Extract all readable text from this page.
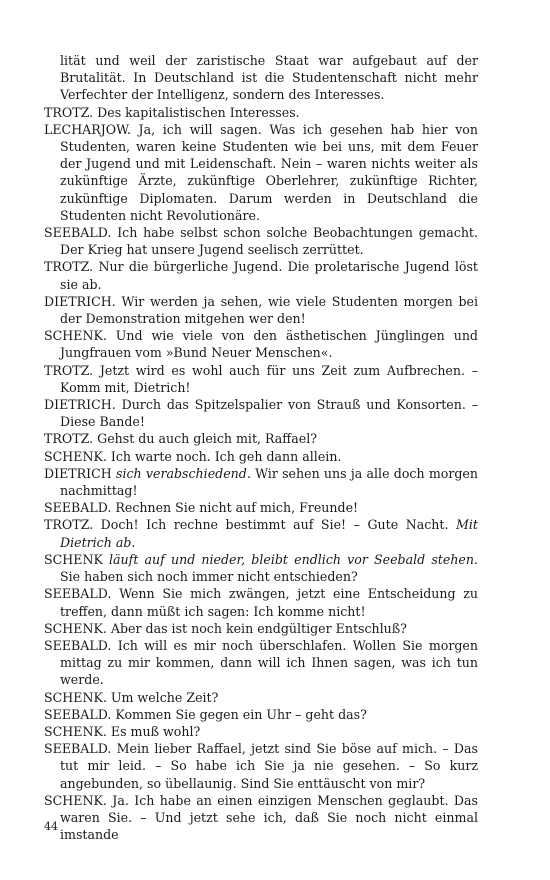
lität und weil der zaristische Staat war aufgebaut auf der Brutalität. In Deutschland ist die Studentenschaft nicht mehr Verfechter der Intelligenz, sondern des Interesses.

TROTZ. Des kapitalistischen Interesses.

LECHARJOW. Ja, ich will sagen. Was ich gesehen hab hier von Studenten, waren keine Studenten wie bei uns, mit dem Feuer der Jugend und mit Leidenschaft. Nein – waren nichts weiter als zukünftige Ärzte, zukünftige Oberlehrer, zukünftige Richter, zukünftige Diplomaten. Darum werden in Deutschland die Studenten nicht Revolutionäre.

SEEBALD. Ich habe selbst schon solche Beobachtungen gemacht. Der Krieg hat unsere Jugend seelisch zerrüttet.

TROTZ. Nur die bürgerliche Jugend. Die proletarische Jugend löst sie ab.

DIETRICH. Wir werden ja sehen, wie viele Studenten morgen bei der Demonstration mitgehen wer den!

SCHENK. Und wie viele von den ästhetischen Jünglingen und Jungfrauen vom »Bund Neuer Menschen«.

TROTZ. Jetzt wird es wohl auch für uns Zeit zum Aufbrechen. – Komm mit, Dietrich!

DIETRICH. Durch das Spitzelspalier von Strauß und Konsorten. – Diese Bande!

TROTZ. Gehst du auch gleich mit, Raffael?

SCHENK. Ich warte noch. Ich geh dann allein.

DIETRICH sich verabschiedend. Wir sehen uns ja alle doch morgen nachmittag!

SEEBALD. Rechnen Sie nicht auf mich, Freunde!

TROTZ. Doch! Ich rechne bestimmt auf Sie! – Gute Nacht. Mit Dietrich ab.

SCHENK läuft auf und nieder, bleibt endlich vor Seebald stehen. Sie haben sich noch immer nicht entschieden?

SEEBALD. Wenn Sie mich zwängen, jetzt eine Entscheidung zu treffen, dann müßt ich sagen: Ich komme nicht!

SCHENK. Aber das ist noch kein endgültiger Entschluß?

SEEBALD. Ich will es mir noch überschlafen. Wollen Sie morgen mittag zu mir kommen, dann will ich Ihnen sagen, was ich tun werde.

SCHENK. Um welche Zeit?

SEEBALD. Kommen Sie gegen ein Uhr – geht das?

SCHENK. Es muß wohl?

SEEBALD. Mein lieber Raffael, jetzt sind Sie böse auf mich. – Das tut mir leid. – So habe ich Sie ja nie gesehen. – So kurz angebunden, so übellaunig. Sind Sie enttäuscht von mir?

SCHENK. Ja. Ich habe an einen einzigen Menschen geglaubt. Das waren Sie. – Und jetzt sehe ich, daß Sie noch nicht einmal imstande

44
